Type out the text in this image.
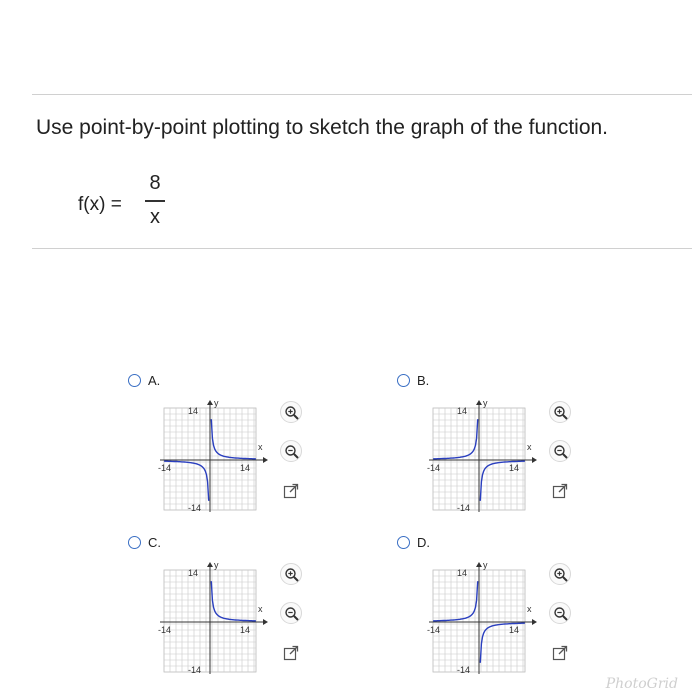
Use point-by-point plotting to sketch the graph of the function.
f(x) =
8
x
A.
y
x
14
14
-14
-14
B.
y
x
14
14
-14
-14
C.
y
x
14
14
-14
-14
D.
y
x
14
14
-14
-14
PhotoGrid
